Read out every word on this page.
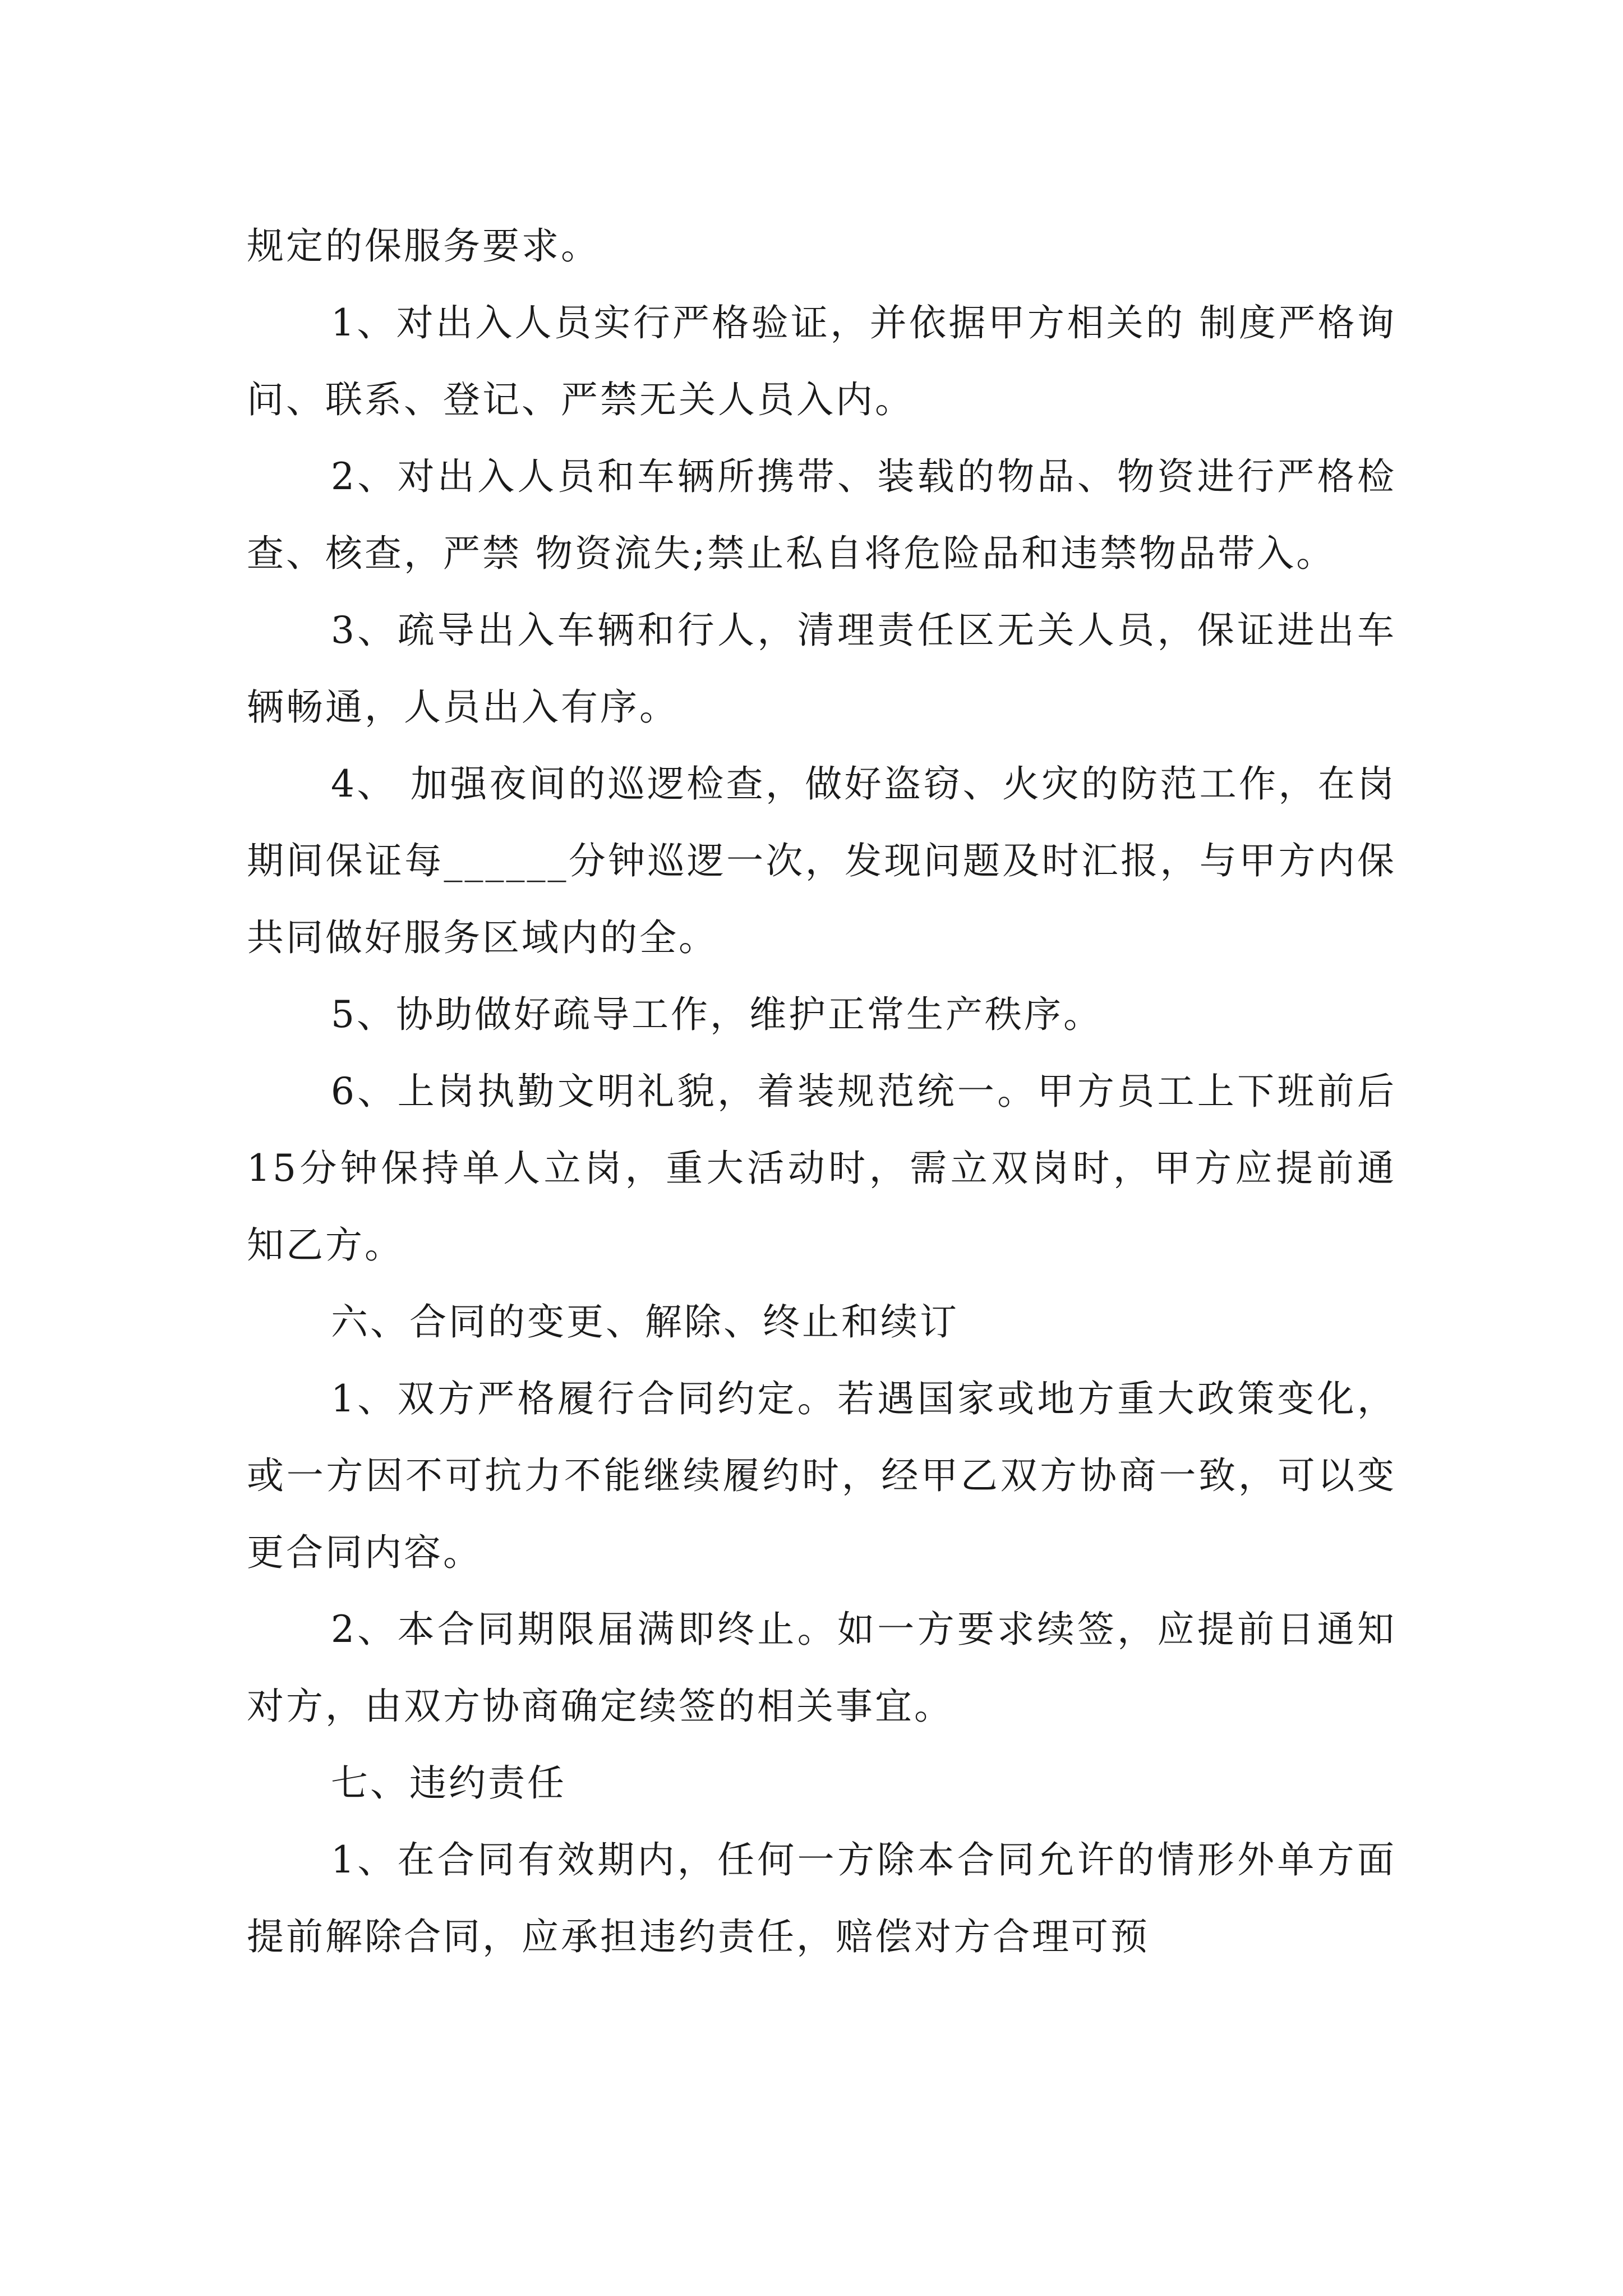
规定的保服务要求。

1、对出入人员实行严格验证，并依据甲方相关的 制度严格询问、联系、登记、严禁无关人员入内。

2、对出入人员和车辆所携带、装载的物品、物资进行严格检查、核查，严禁 物资流失;禁止私自将危险品和违禁物品带入。

3、疏导出入车辆和行人，清理责任区无关人员，保证进出车辆畅通，人员出入有序。

4、 加强夜间的巡逻检查，做好盗窃、火灾的防范工作，在岗期间保证每______分钟巡逻一次，发现问题及时汇报，与甲方内保共同做好服务区域内的全。

5、协助做好疏导工作，维护正常生产秩序。

6、上岗执勤文明礼貌，着装规范统一。甲方员工上下班前后15分钟保持单人立岗，重大活动时，需立双岗时，甲方应提前通知乙方。

六、合同的变更、解除、终止和续订

1、双方严格履行合同约定。若遇国家或地方重大政策变化，或一方因不可抗力不能继续履约时，经甲乙双方协商一致，可以变更合同内容。

2、本合同期限届满即终止。如一方要求续签，应提前日通知对方，由双方协商确定续签的相关事宜。

七、违约责任

1、在合同有效期内，任何一方除本合同允许的情形外单方面提前解除合同，应承担违约责任，赔偿对方合理可预
